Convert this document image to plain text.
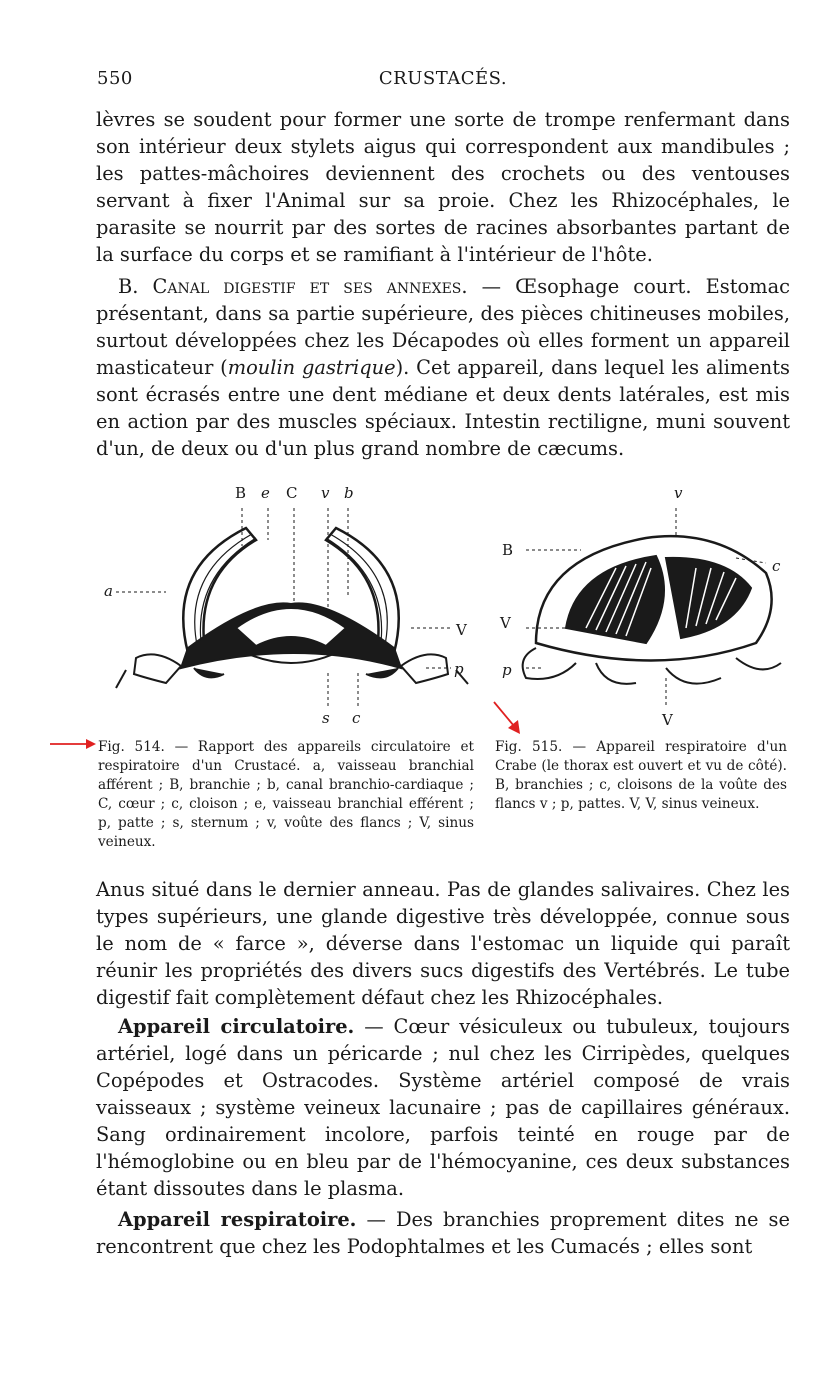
550	CRUSTACÉS.

lèvres se soudent pour former une sorte de trompe renfermant dans son intérieur deux stylets aigus qui correspondent aux mandibules ; les pattes-mâchoires deviennent des crochets ou des ventouses servant à fixer l'Animal sur sa proie. Chez les Rhizocéphales, le parasite se nourrit par des sortes de racines absorbantes partant de la surface du corps et se ramifiant à l'intérieur de l'hôte.

B. Canal digestif et ses annexes. — Œsophage court. Estomac présentant, dans sa partie supérieure, des pièces chitineuses mobiles, surtout développées chez les Décapodes où elles forment un appareil masticateur (moulin gastrique). Cet appareil, dans lequel les aliments sont écrasés entre une dent médiane et deux dents latérales, est mis en action par des muscles spéciaux. Intestin rectiligne, muni souvent d'un, de deux ou d'un plus grand nombre de cæcums.

B e C v b
a
V
p
s c
v
B
c
V
p
V

Fig. 514. — Rapport des appareils circulatoire et respiratoire d'un Crustacé. a, vaisseau branchial afférent ; B, branchie ; b, canal branchio-cardiaque ; C, cœur ; c, cloison ; e, vaisseau branchial efférent ; p, patte ; s, sternum ; v, voûte des flancs ; V, sinus veineux.

Fig. 515. — Appareil respiratoire d'un Crabe (le thorax est ouvert et vu de côté). B, branchies ; c, cloisons de la voûte des flancs v ; p, pattes. V, V, sinus veineux.

Anus situé dans le dernier anneau. Pas de glandes salivaires. Chez les types supérieurs, une glande digestive très développée, connue sous le nom de « farce », déverse dans l'estomac un liquide qui paraît réunir les propriétés des divers sucs digestifs des Vertébrés. Le tube digestif fait complètement défaut chez les Rhizocéphales.

Appareil circulatoire. — Cœur vésiculeux ou tubuleux, toujours artériel, logé dans un péricarde ; nul chez les Cirripèdes, quelques Copépodes et Ostracodes. Système artériel composé de vrais vaisseaux ; système veineux lacunaire ; pas de capillaires généraux. Sang ordinairement incolore, parfois teinté en rouge par de l'hémoglobine ou en bleu par de l'hémocyanine, ces deux substances étant dissoutes dans le plasma.

Appareil respiratoire. — Des branchies proprement dites ne se rencontrent que chez les Podophtalmes et les Cumacés ; elles sont
